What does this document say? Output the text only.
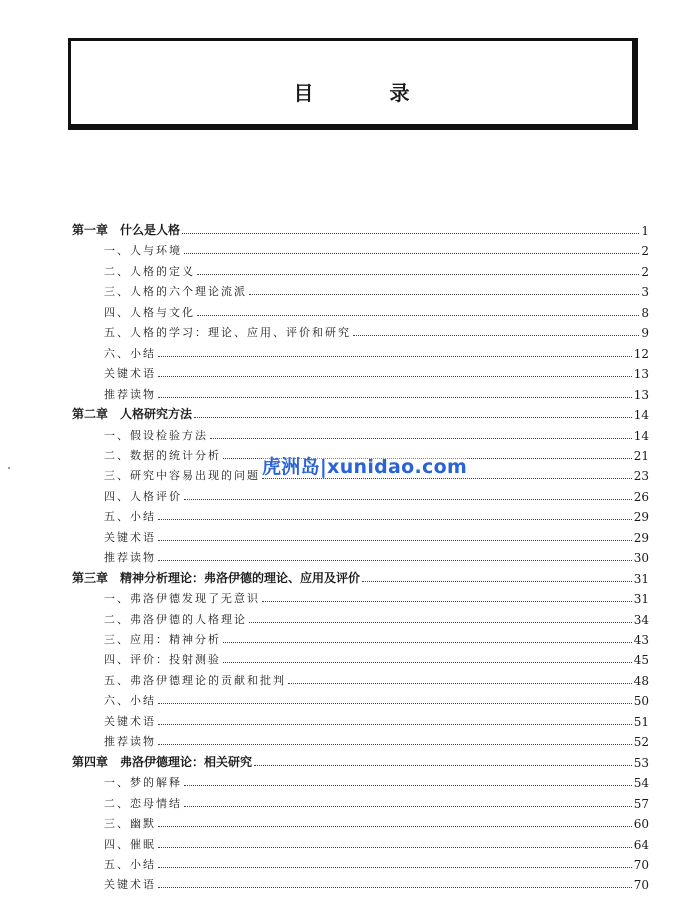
目　录
第一章　什么是人格	1
一、人与环境	2
二、人格的定义	2
三、人格的六个理论流派	3
四、人格与文化	8
五、人格的学习：理论、应用、评价和研究	9
六、小结	12
关键术语	13
推荐读物	13
第二章　人格研究方法	14
一、假设检验方法	14
二、数据的统计分析	21
三、研究中容易出现的问题	23
四、人格评价	26
五、小结	29
关键术语	29
推荐读物	30
第三章　精神分析理论：弗洛伊德的理论、应用及评价	31
一、弗洛伊德发现了无意识	31
二、弗洛伊德的人格理论	34
三、应用：精神分析	43
四、评价：投射测验	45
五、弗洛伊德理论的贡献和批判	48
六、小结	50
关键术语	51
推荐读物	52
第四章　弗洛伊德理论：相关研究	53
一、梦的解释	54
二、恋母情结	57
三、幽默	60
四、催眠	64
五、小结	70
关键术语	70
虎洲岛|xunidao.com
